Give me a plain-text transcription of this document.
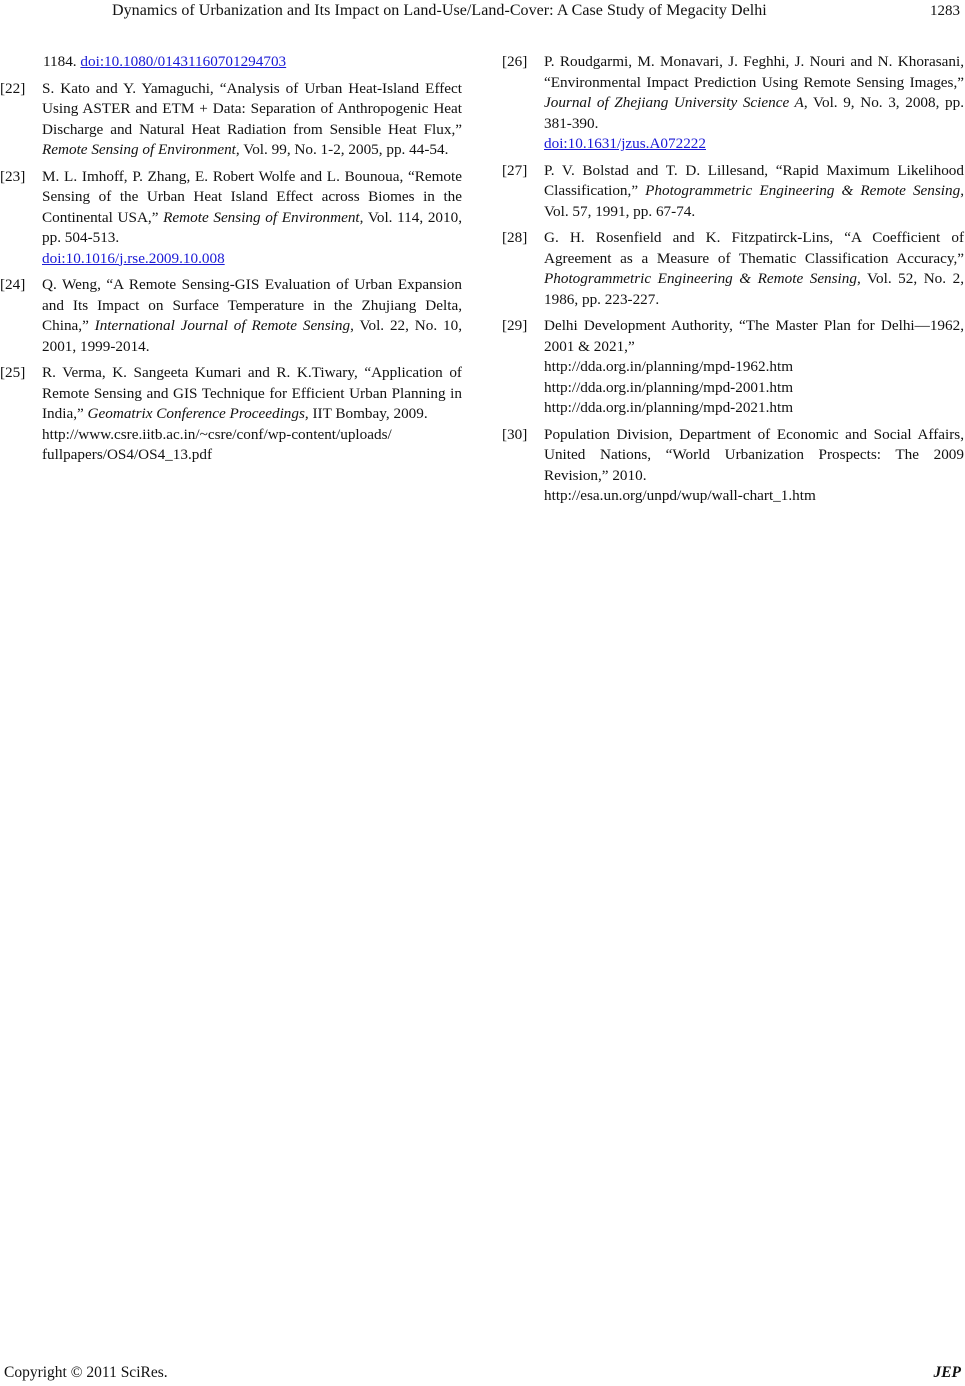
Dynamics of Urbanization and Its Impact on Land-Use/Land-Cover: A Case Study of Megacity Delhi	1283
1184. doi:10.1080/01431160701294703
[22] S. Kato and Y. Yamaguchi, “Analysis of Urban Heat-Island Effect Using ASTER and ETM + Data: Separation of Anthropogenic Heat Discharge and Natural Heat Radiation from Sensible Heat Flux,” Remote Sensing of Environment, Vol. 99, No. 1-2, 2005, pp. 44-54.
[23] M. L. Imhoff, P. Zhang, E. Robert Wolfe and L. Bounoua, “Remote Sensing of the Urban Heat Island Effect across Biomes in the Continental USA,” Remote Sensing of Environment, Vol. 114, 2010, pp. 504-513.
doi:10.1016/j.rse.2009.10.008
[24] Q. Weng, “A Remote Sensing-GIS Evaluation of Urban Expansion and Its Impact on Surface Temperature in the Zhujiang Delta, China,” International Journal of Remote Sensing, Vol. 22, No. 10, 2001, 1999-2014.
[25] R. Verma, K. Sangeeta Kumari and R. K.Tiwary, “Application of Remote Sensing and GIS Technique for Efficient Urban Planning in India,” Geomatrix Conference Proceedings, IIT Bombay, 2009.
http://www.csre.iitb.ac.in/~csre/conf/wp-content/uploads/ fullpapers/OS4/OS4_13.pdf
[26] P. Roudgarmi, M. Monavari, J. Feghhi, J. Nouri and N. Khorasani, “Environmental Impact Prediction Using Remote Sensing Images,” Journal of Zhejiang University Science A, Vol. 9, No. 3, 2008, pp. 381-390.
doi:10.1631/jzus.A072222
[27] P. V. Bolstad and T. D. Lillesand, “Rapid Maximum Likelihood Classification,” Photogrammetric Engineering & Remote Sensing, Vol. 57, 1991, pp. 67-74.
[28] G. H. Rosenfield and K. Fitzpatirck-Lins, “A Coefficient of Agreement as a Measure of Thematic Classification Accuracy,” Photogrammetric Engineering & Remote Sensing, Vol. 52, No. 2, 1986, pp. 223-227.
[29] Delhi Development Authority, “The Master Plan for Delhi—1962, 2001 & 2021,”
http://dda.org.in/planning/mpd-1962.htm
http://dda.org.in/planning/mpd-2001.htm
http://dda.org.in/planning/mpd-2021.htm
[30] Population Division, Department of Economic and Social Affairs, United Nations, “World Urbanization Prospects: The 2009 Revision,” 2010.
http://esa.un.org/unpd/wup/wall-chart_1.htm
Copyright © 2011 SciRes.	JEP
